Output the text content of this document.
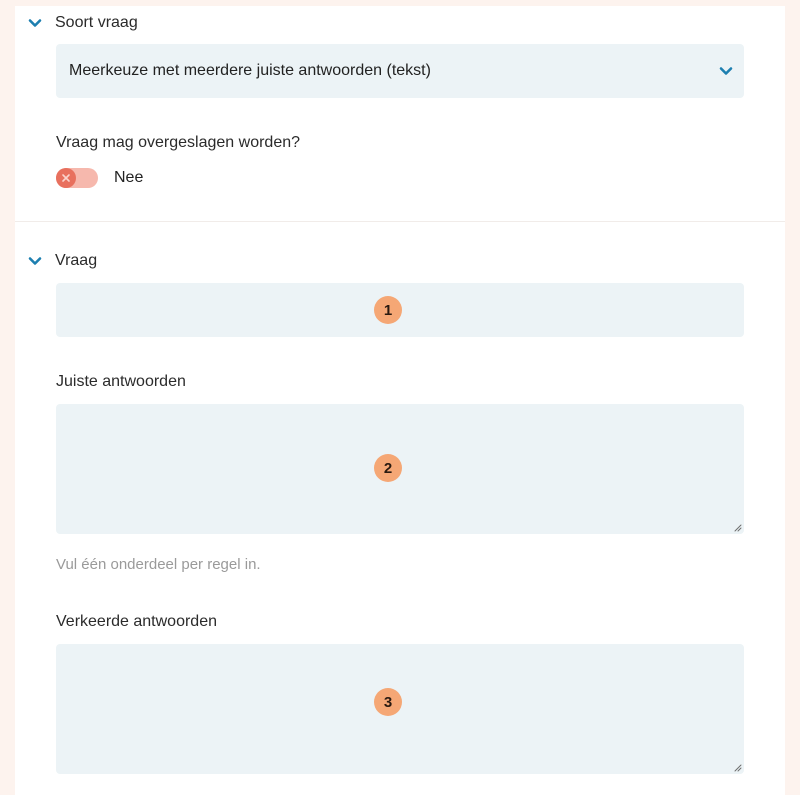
Soort vraag
Meerkeuze met meerdere juiste antwoorden (tekst)
Vraag mag overgeslagen worden?
Nee
Vraag
1
Juiste antwoorden
2
Vul één onderdeel per regel in.
Verkeerde antwoorden
3
